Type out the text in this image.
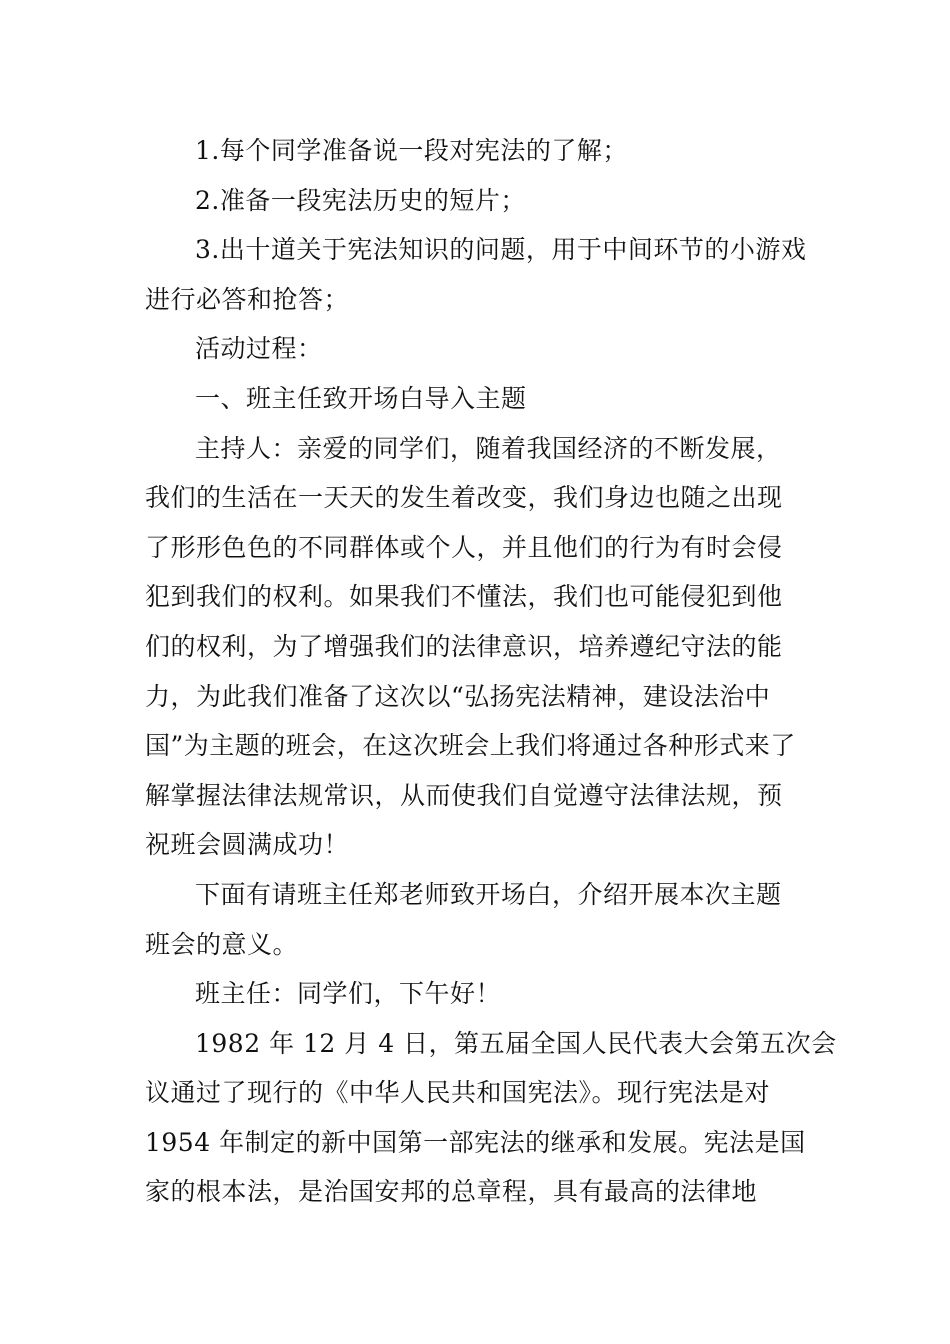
1.每个同学准备说一段对宪法的了解；

2.准备一段宪法历史的短片；

3.出十道关于宪法知识的问题，用于中间环节的小游戏
进行必答和抢答；

活动过程：

一、班主任致开场白导入主题

主持人：亲爱的同学们，随着我国经济的不断发展，
我们的生活在一天天的发生着改变，我们身边也随之出现
了形形色色的不同群体或个人，并且他们的行为有时会侵
犯到我们的权利。如果我们不懂法，我们也可能侵犯到他
们的权利，为了增强我们的法律意识，培养遵纪守法的能
力，为此我们准备了这次以“弘扬宪法精神，建设法治中
国”为主题的班会，在这次班会上我们将通过各种形式来了
解掌握法律法规常识，从而使我们自觉遵守法律法规，预
祝班会圆满成功！

下面有请班主任郑老师致开场白，介绍开展本次主题
班会的意义。

班主任：同学们，下午好！

1982 年 12 月 4 日，第五届全国人民代表大会第五次会
议通过了现行的《中华人民共和国宪法》。现行宪法是对
1954 年制定的新中国第一部宪法的继承和发展。宪法是国
家的根本法，是治国安邦的总章程，具有最高的法律地
